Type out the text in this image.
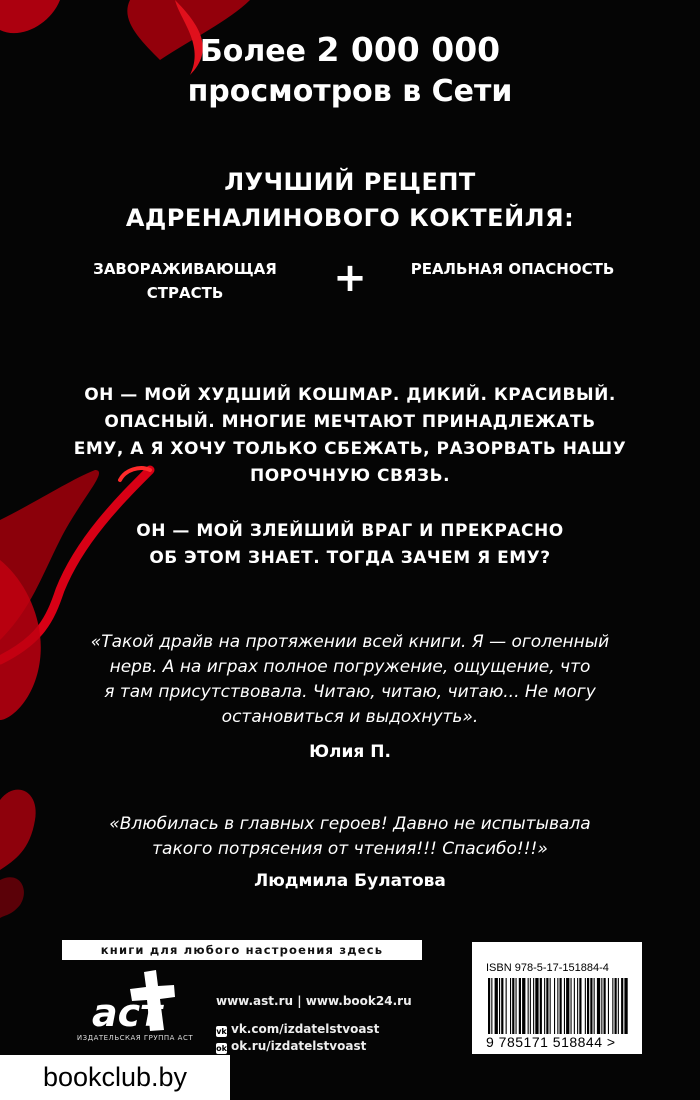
Более 2 000 000
просмотров в Сети
ЛУЧШИЙ РЕЦЕПТ
АДРЕНАЛИНОВОГО КОКТЕЙЛЯ:
ЗАВОРАЖИВАЮЩАЯ
СТРАСТЬ	+	РЕАЛЬНАЯ ОПАСНОСТЬ
ОН — МОЙ ХУДШИЙ КОШМАР. ДИКИЙ. КРАСИВЫЙ.
ОПАСНЫЙ. МНОГИЕ МЕЧТАЮТ ПРИНАДЛЕЖАТЬ
ЕМУ, А Я ХОЧУ ТОЛЬКО СБЕЖАТЬ, РАЗОРВАТЬ НАШУ
ПОРОЧНУЮ СВЯЗЬ.
ОН — МОЙ ЗЛЕЙШИЙ ВРАГ И ПРЕКРАСНО
ОБ ЭТОМ ЗНАЕТ. ТОГДА ЗАЧЕМ Я ЕМУ?
«Такой драйв на протяжении всей книги. Я — оголенный
нерв. А на играх полное погружение, ощущение, что
я там присутствовала. Читаю, читаю, читаю... Не могу
остановиться и выдохнуть».
Юлия П.
«Влюбилась в главных героев! Давно не испытывала
такого потрясения от чтения!!! Спасибо!!!»
Людмила Булатова
книги для любого настроения здесь
аст
ИЗДАТЕЛЬСКАЯ ГРУППА АСТ
www.ast.ru | www.book24.ru
vk vk.com/izdatelstvoast
ok ok.ru/izdatelstvoast
ISBN 978-5-17-151884-4
9 785171 518844 >
bookclub.by
